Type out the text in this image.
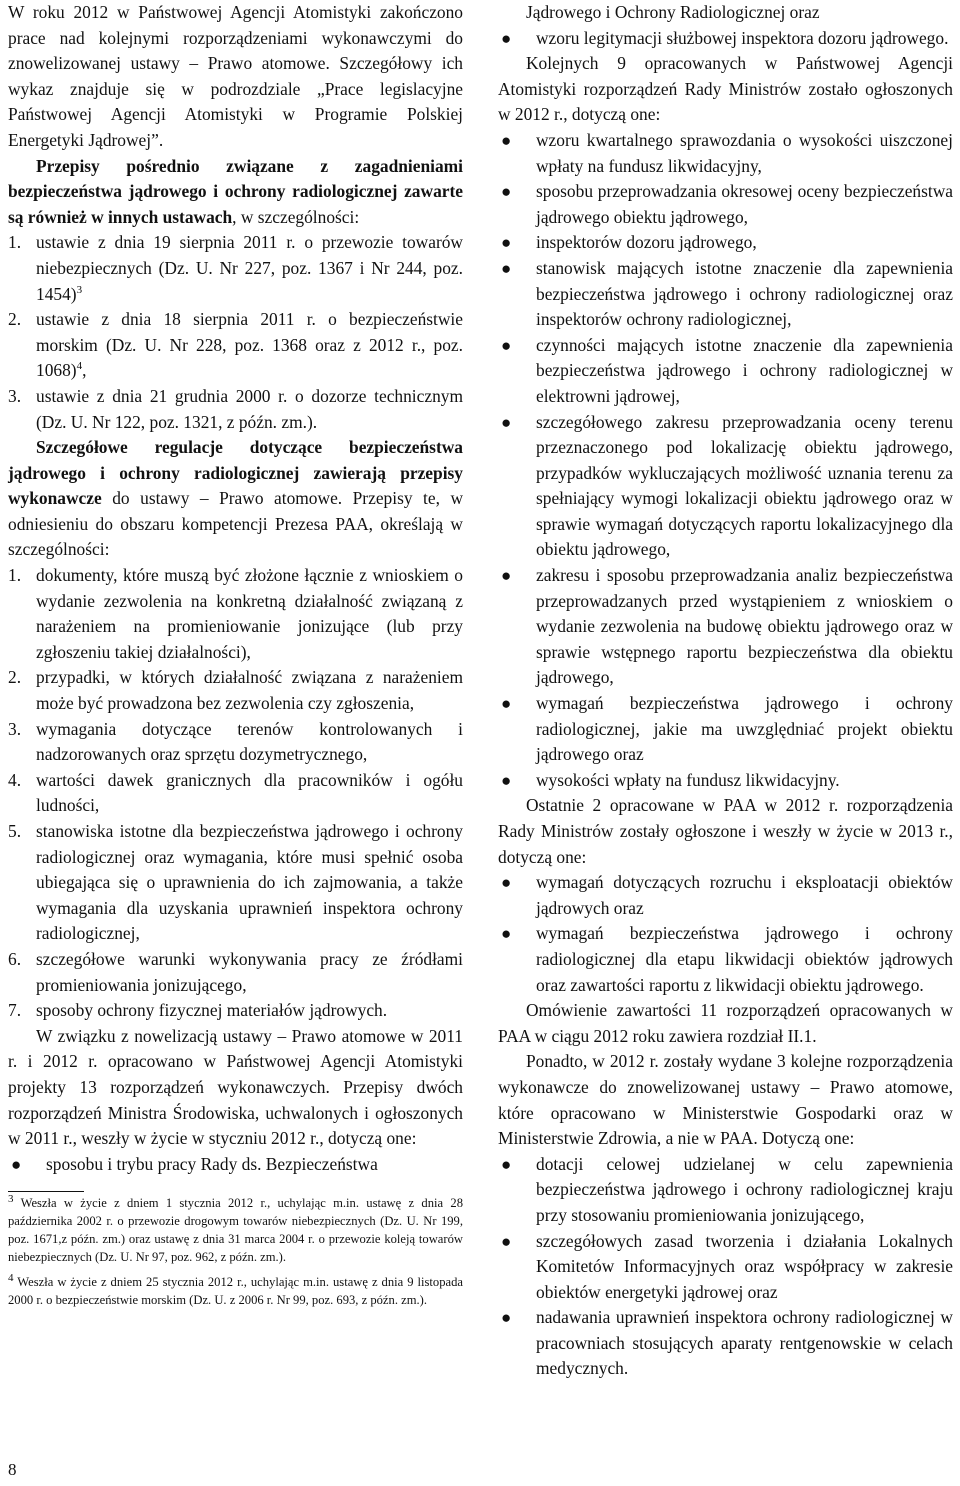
W roku 2012 w Państwowej Agencji Atomistyki zakończono prace nad kolejnymi rozporządzeniami wykonawczymi do znowelizowanej ustawy – Prawo atomowe. Szczegółowy ich wykaz znajduje się w podrozdziale „Prace legislacyjne Państwowej Agencji Atomistyki w Programie Polskiej Energetyki Jądrowej”.

Przepisy pośrednio związane z zagadnieniami bezpieczeństwa jądrowego i ochrony radiologicznej zawarte są również w innych ustawach, w szczególności:

1. ustawie z dnia 19 sierpnia 2011 r. o przewozie towarów niebezpiecznych (Dz. U. Nr 227, poz. 1367 i Nr 244, poz. 1454)$^3$
2. ustawie z dnia 18 sierpnia 2011 r. o bezpieczeństwie morskim (Dz. U. Nr 228, poz. 1368 oraz z 2012 r., poz. 1068)$^4$,
3. ustawie z dnia 21 grudnia 2000 r. o dozorze technicznym (Dz. U. Nr 122, poz. 1321, z późn. zm.).

Szczegółowe regulacje dotyczące bezpieczeństwa jądrowego i ochrony radiologicznej zawierają przepisy wykonawcze do ustawy – Prawo atomowe. Przepisy te, w odniesieniu do obszaru kompetencji Prezesa PAA, określają w szczególności:

1. dokumenty, które muszą być złożone łącznie z wnioskiem o wydanie zezwolenia na konkretną działalność związaną z narażeniem na promieniowanie jonizujące (lub przy zgłoszeniu takiej działalności),
2. przypadki, w których działalność związana z narażeniem może być prowadzona bez zezwolenia czy zgłoszenia,
3. wymagania dotyczące terenów kontrolowanych i nadzorowanych oraz sprzętu dozymetrycznego,
4. wartości dawek granicznych dla pracowników i ogółu ludności,
5. stanowiska istotne dla bezpieczeństwa jądrowego i ochrony radiologicznej oraz wymagania, które musi spełnić osoba ubiegająca się o uprawnienia do ich zajmowania, a także wymagania dla uzyskania uprawnień inspektora ochrony radiologicznej,
6. szczegółowe warunki wykonywania pracy ze źródłami promieniowania jonizującego,
7. sposoby ochrony fizycznej materiałów jądrowych.

W związku z nowelizacją ustawy – Prawo atomowe w 2011 r. i 2012 r. opracowano w Państwowej Agencji Atomistyki projekty 13 rozporządzeń wykonawczych. Przepisy dwóch rozporządzeń Ministra Środowiska, uchwalonych i ogłoszonych w 2011 r., weszły w życie w styczniu 2012 r., dotyczą one:

● sposobu i trybu pracy Rady ds. Bezpieczeństwa

$^3$ Weszła w życie z dniem 1 stycznia 2012 r., uchylając m.in. ustawę z dnia 28 października 2002 r. o przewozie drogowym towarów niebezpiecznych (Dz. U. Nr 199, poz. 1671,z późn. zm.) oraz ustawę z dnia 31 marca 2004 r. o przewozie koleją towarów niebezpiecznych (Dz. U. Nr 97, poz. 962, z późn. zm.).

$^4$ Weszła w życie z dniem 25 stycznia 2012 r., uchylając m.in. ustawę z dnia 9 listopada 2000 r. o bezpieczeństwie morskim (Dz. U. z 2006 r. Nr 99, poz. 693, z późn. zm.).

Jądrowego i Ochrony Radiologicznej oraz

● wzoru legitymacji służbowej inspektora dozoru jądrowego.

Kolejnych 9 opracowanych w Państwowej Agencji Atomistyki rozporządzeń Rady Ministrów zostało ogłoszonych w 2012 r., dotyczą one:

● wzoru kwartalnego sprawozdania o wysokości uiszczonej wpłaty na fundusz likwidacyjny,
● sposobu przeprowadzania okresowej oceny bezpieczeństwa jądrowego obiektu jądrowego,
● inspektorów dozoru jądrowego,
● stanowisk mających istotne znaczenie dla zapewnienia bezpieczeństwa jądrowego i ochrony radiologicznej oraz inspektorów ochrony radiologicznej,
● czynności mających istotne znaczenie dla zapewnienia bezpieczeństwa jądrowego i ochrony radiologicznej w elektrowni jądrowej,
● szczegółowego zakresu przeprowadzania oceny terenu przeznaczonego pod lokalizację obiektu jądrowego, przypadków wykluczających możliwość uznania terenu za spełniający wymogi lokalizacji obiektu jądrowego oraz w sprawie wymagań dotyczących raportu lokalizacyjnego dla obiektu jądrowego,
● zakresu i sposobu przeprowadzania analiz bezpieczeństwa przeprowadzanych przed wystąpieniem z wnioskiem o wydanie zezwolenia na budowę obiektu jądrowego oraz w sprawie wstępnego raportu bezpieczeństwa dla obiektu jądrowego,
● wymagań bezpieczeństwa jądrowego i ochrony radiologicznej, jakie ma uwzględniać projekt obiektu jądrowego oraz
● wysokości wpłaty na fundusz likwidacyjny.

Ostatnie 2 opracowane w PAA w 2012 r. rozporządzenia Rady Ministrów zostały ogłoszone i weszły w życie w 2013 r., dotyczą one:

● wymagań dotyczących rozruchu i eksploatacji obiektów jądrowych oraz
● wymagań bezpieczeństwa jądrowego i ochrony radiologicznej dla etapu likwidacji obiektów jądrowych oraz zawartości raportu z likwidacji obiektu jądrowego.

Omówienie zawartości 11 rozporządzeń opracowanych w PAA w ciągu 2012 roku zawiera rozdział II.1.

Ponadto, w 2012 r. zostały wydane 3 kolejne rozporządzenia wykonawcze do znowelizowanej ustawy – Prawo atomowe, które opracowano w Ministerstwie Gospodarki oraz w Ministerstwie Zdrowia, a nie w PAA. Dotyczą one:

● dotacji celowej udzielanej w celu zapewnienia bezpieczeństwa jądrowego i ochrony radiologicznej kraju przy stosowaniu promieniowania jonizującego,
● szczegółowych zasad tworzenia i działania Lokalnych Komitetów Informacyjnych oraz współpracy w zakresie obiektów energetyki jądrowej oraz
● nadawania uprawnień inspektora ochrony radiologicznej w pracowniach stosujących aparaty rentgenowskie w celach medycznych.
8
